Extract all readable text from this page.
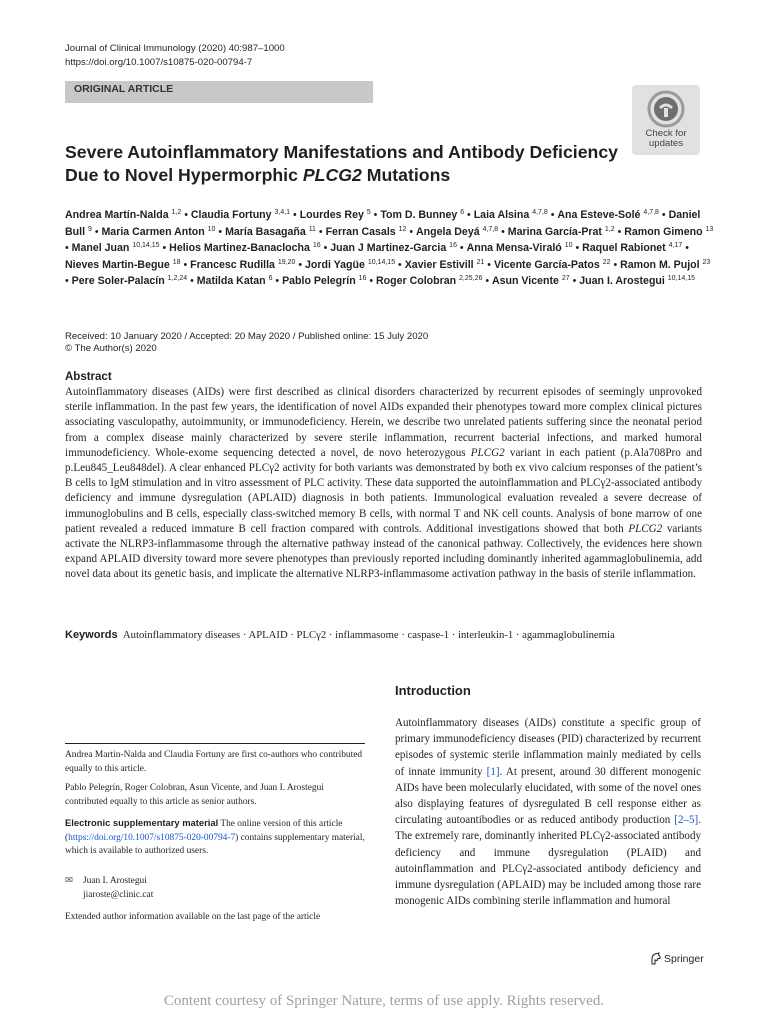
Journal of Clinical Immunology (2020) 40:987–1000
https://doi.org/10.1007/s10875-020-00794-7
ORIGINAL ARTICLE
Check for
updates
Severe Autoinflammatory Manifestations and Antibody Deficiency
Due to Novel Hypermorphic PLCG2 Mutations
Andrea Martín-Nalda $^{1,2}$ • Claudia Fortuny $^{3,4,1}$ • Lourdes Rey $^5$ • Tom D. Bunney $^6$ • Laia Alsina $^{4,7,8}$ • Ana Esteve-Solé $^{4,7,8}$ • Daniel Bull $^9$ • Maria Carmen Anton $^{10}$ • María Basagaña $^{11}$ • Ferran Casals $^{12}$ • Angela Deyá $^{4,7,8}$ • Marina García-Prat $^{1,2}$ • Ramon Gimeno $^{13}$ • Manel Juan $^{10,14,15}$ • Helios Martinez-Banaclocha $^{16}$ • Juan J Martinez-Garcia $^{16}$ • Anna Mensa-Viraló $^{10}$ • Raquel Rabionet $^{4,17}$ • Nieves Martin-Begue $^{18}$ • Francesc Rudilla $^{19,20}$ • Jordi Yagüe $^{10,14,15}$ • Xavier Estivill $^{21}$ • Vicente García-Patos $^{22}$ • Ramon M. Pujol $^{23}$ • Pere Soler-Palacín $^{1,2,24}$ • Matilda Katan $^6$ • Pablo Pelegrín $^{16}$ • Roger Colobran $^{2,25,26}$ • Asun Vicente $^{27}$ • Juan I. Arostegui $^{10,14,15}$
Received: 10 January 2020 / Accepted: 20 May 2020 / Published online: 15 July 2020
© The Author(s) 2020
Abstract
Autoinflammatory diseases (AIDs) were first described as clinical disorders characterized by recurrent episodes of seemingly unprovoked sterile inflammation. In the past few years, the identification of novel AIDs expanded their phenotypes toward more complex clinical pictures associating vasculopathy, autoimmunity, or immunodeficiency. Herein, we describe two unrelated patients suffering since the neonatal period from a complex disease mainly characterized by severe sterile inflammation, recurrent bacterial infections, and marked humoral immunodeficiency. Whole-exome sequencing detected a novel, de novo heterozygous PLCG2 variant in each patient (p.Ala708Pro and p.Leu845_Leu848del). A clear enhanced PLCγ2 activity for both variants was demonstrated by both ex vivo calcium responses of the patient’s B cells to IgM stimulation and in vitro assessment of PLC activity. These data supported the autoinflammation and PLCγ2-associated antibody deficiency and immune dysregulation (APLAID) diagnosis in both patients. Immunological evaluation revealed a severe decrease of immunoglobulins and B cells, especially class-switched memory B cells, with normal T and NK cell counts. Analysis of bone marrow of one patient revealed a reduced immature B cell fraction compared with controls. Additional investigations showed that both PLCG2 variants activate the NLRP3-inflammasome through the alternative pathway instead of the canonical pathway. Collectively, the evidences here shown expand APLAID diversity toward more severe phenotypes than previously reported including dominantly inherited agammaglobulinemia, add novel data about its genetic basis, and implicate the alternative NLRP3-inflammasome activation pathway in the basis of sterile inflammation.
Keywords Autoinflammatory diseases · APLAID · PLCγ2 · inflammasome · caspase-1 · interleukin-1 · agammaglobulinemia
Introduction
Autoinflammatory diseases (AIDs) constitute a specific group of primary immunodeficiency diseases (PID) characterized by recurrent episodes of systemic sterile inflammation mainly mediated by cells of innate immunity [1]. At present, around 30 different monogenic AIDs have been molecularly elucidated, with some of the novel ones also displaying features of dysregulated B cell response either as circulating autoantibodies or as reduced antibody production [2–5]. The extremely rare, dominantly inherited PLCγ2-associated antibody deficiency and immune dysregulation (PLAID) and autoinflammation and PLCγ2-associated antibody deficiency and immune dysregulation (APLAID) may be included among those rare monogenic AIDs combining sterile inflammation and humoral
Andrea Martin-Nalda and Claudia Fortuny are first co-authors who contributed equally to this article.
Pablo Pelegrín, Roger Colobran, Asun Vicente, and Juan I. Arostegui contributed equally to this article as senior authors.
Electronic supplementary material The online version of this article (https://doi.org/10.1007/s10875-020-00794-7) contains supplementary material, which is available to authorized users.
✉ Juan I. Arostegui
jiaroste@clinic.cat
Extended author information available on the last page of the article
Springer
Content courtesy of Springer Nature, terms of use apply. Rights reserved.
